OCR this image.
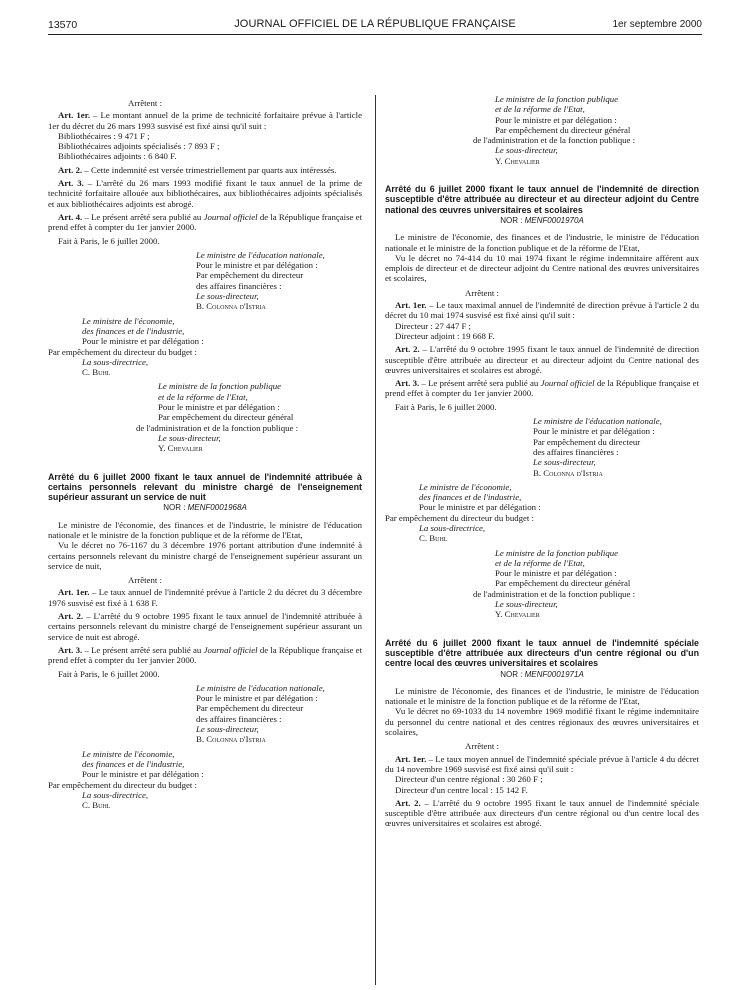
13570	JOURNAL OFFICIEL DE LA RÉPUBLIQUE FRANÇAISE	1er septembre 2000

Arrêtent :

Art. 1er. – Le montant annuel de la prime de technicité forfaitaire prévue à l'article 1er du décret du 26 mars 1993 susvisé est fixé ainsi qu'il suit :

Bibliothécaires : 9 471 F ;

Bibliothécaires adjoints spécialisés : 7 893 F ;

Bibliothécaires adjoints : 6 840 F.

Art. 2. – Cette indemnité est versée trimestriellement par quarts aux intéressés.

Art. 3. – L'arrêté du 26 mars 1993 modifié fixant le taux annuel de la prime de technicité forfaitaire allouée aux bibliothécaires, aux bibliothécaires adjoints spécialisés et aux bibliothécaires adjoints est abrogé.

Art. 4. – Le présent arrêté sera publié au Journal officiel de la République française et prend effet à compter du 1er janvier 2000.

Fait à Paris, le 6 juillet 2000.

Le ministre de l'éducation nationale,

Pour le ministre et par délégation :

Par empêchement du directeur

des affaires financières :

Le sous-directeur,

B. Colonna d'Istria

Le ministre de l'économie,

des finances et de l'industrie,

Pour le ministre et par délégation :

Par empêchement du directeur du budget :

La sous-directrice,

C. Buhl

Le ministre de la fonction publique

et de la réforme de l'Etat,

Pour le ministre et par délégation :

Par empêchement du directeur général

de l'administration et de la fonction publique :

Le sous-directeur,

Y. Chevalier

Arrêté du 6 juillet 2000 fixant le taux annuel de l'indemnité attribuée à certains personnels relevant du ministre chargé de l'enseignement supérieur assurant un service de nuit

NOR : MENF0001968A

Le ministre de l'économie, des finances et de l'industrie, le ministre de l'éducation nationale et le ministre de la fonction publique et de la réforme de l'Etat,

Vu le décret no 76-1167 du 3 décembre 1976 portant attribution d'une indemnité à certains personnels relevant du ministre chargé de l'enseignement supérieur assurant un service de nuit,

Arrêtent :

Art. 1er. – Le taux annuel de l'indemnité prévue à l'article 2 du décret du 3 décembre 1976 susvisé est fixé à 1 638 F.

Art. 2. – L'arrêté du 9 octobre 1995 fixant le taux annuel de l'indemnité attribuée à certains personnels relevant du ministre chargé de l'enseignement supérieur assurant un service de nuit est abrogé.

Art. 3. – Le présent arrêté sera publié au Journal officiel de la République française et prend effet à compter du 1er janvier 2000.

Fait à Paris, le 6 juillet 2000.

Le ministre de l'éducation nationale,

Pour le ministre et par délégation :

Par empêchement du directeur

des affaires financières :

Le sous-directeur,

B. Colonna d'Istria

Le ministre de l'économie,

des finances et de l'industrie,

Pour le ministre et par délégation :

Par empêchement du directeur du budget :

La sous-directrice,

C. Buhl

Le ministre de la fonction publique

et de la réforme de l'Etat,

Pour le ministre et par délégation :

Par empêchement du directeur général

de l'administration et de la fonction publique :

Le sous-directeur,

Y. Chevalier

Arrêté du 6 juillet 2000 fixant le taux annuel de l'indemnité de direction susceptible d'être attribuée au directeur et au directeur adjoint du Centre national des œuvres universitaires et scolaires

NOR : MENF0001970A

Le ministre de l'économie, des finances et de l'industrie, le ministre de l'éducation nationale et le ministre de la fonction publique et de la réforme de l'Etat,

Vu le décret no 74-414 du 10 mai 1974 fixant le régime indemnitaire afférent aux emplois de directeur et de directeur adjoint du Centre national des œuvres universitaires et scolaires,

Arrêtent :

Art. 1er. – Le taux maximal annuel de l'indemnité de direction prévue à l'article 2 du décret du 10 mai 1974 susvisé est fixé ainsi qu'il suit :

Directeur : 27 447 F ;

Directeur adjoint : 19 668 F.

Art. 2. – L'arrêté du 9 octobre 1995 fixant le taux annuel de l'indemnité de direction susceptible d'être attribuée au directeur et au directeur adjoint du Centre national des œuvres universitaires et scolaires est abrogé.

Art. 3. – Le présent arrêté sera publié au Journal officiel de la République française et prend effet à compter du 1er janvier 2000.

Fait à Paris, le 6 juillet 2000.

Le ministre de l'éducation nationale,

Pour le ministre et par délégation :

Par empêchement du directeur

des affaires financières :

Le sous-directeur,

B. Colonna d'Istria

Le ministre de l'économie,

des finances et de l'industrie,

Pour le ministre et par délégation :

Par empêchement du directeur du budget :

La sous-directrice,

C. Buhl

Le ministre de la fonction publique

et de la réforme de l'Etat,

Pour le ministre et par délégation :

Par empêchement du directeur général

de l'administration et de la fonction publique :

Le sous-directeur,

Y. Chevalier

Arrêté du 6 juillet 2000 fixant le taux annuel de l'indemnité spéciale susceptible d'être attribuée aux directeurs d'un centre régional ou d'un centre local des œuvres universitaires et scolaires

NOR : MENF0001971A

Le ministre de l'économie, des finances et de l'industrie, le ministre de l'éducation nationale et le ministre de la fonction publique et de la réforme de l'Etat,

Vu le décret no 69-1033 du 14 novembre 1969 modifié fixant le régime indemnitaire du personnel du centre national et des centres régionaux des œuvres universitaires et scolaires,

Arrêtent :

Art. 1er. – Le taux moyen annuel de l'indemnité spéciale prévue à l'article 4 du décret du 14 novembre 1969 susvisé est fixé ainsi qu'il suit :

Directeur d'un centre régional : 30 260 F ;

Directeur d'un centre local : 15 142 F.

Art. 2. – L'arrêté du 9 octobre 1995 fixant le taux annuel de l'indemnité spéciale susceptible d'être attribuée aux directeurs d'un centre régional ou d'un centre local des œuvres universitaires et scolaires est abrogé.
